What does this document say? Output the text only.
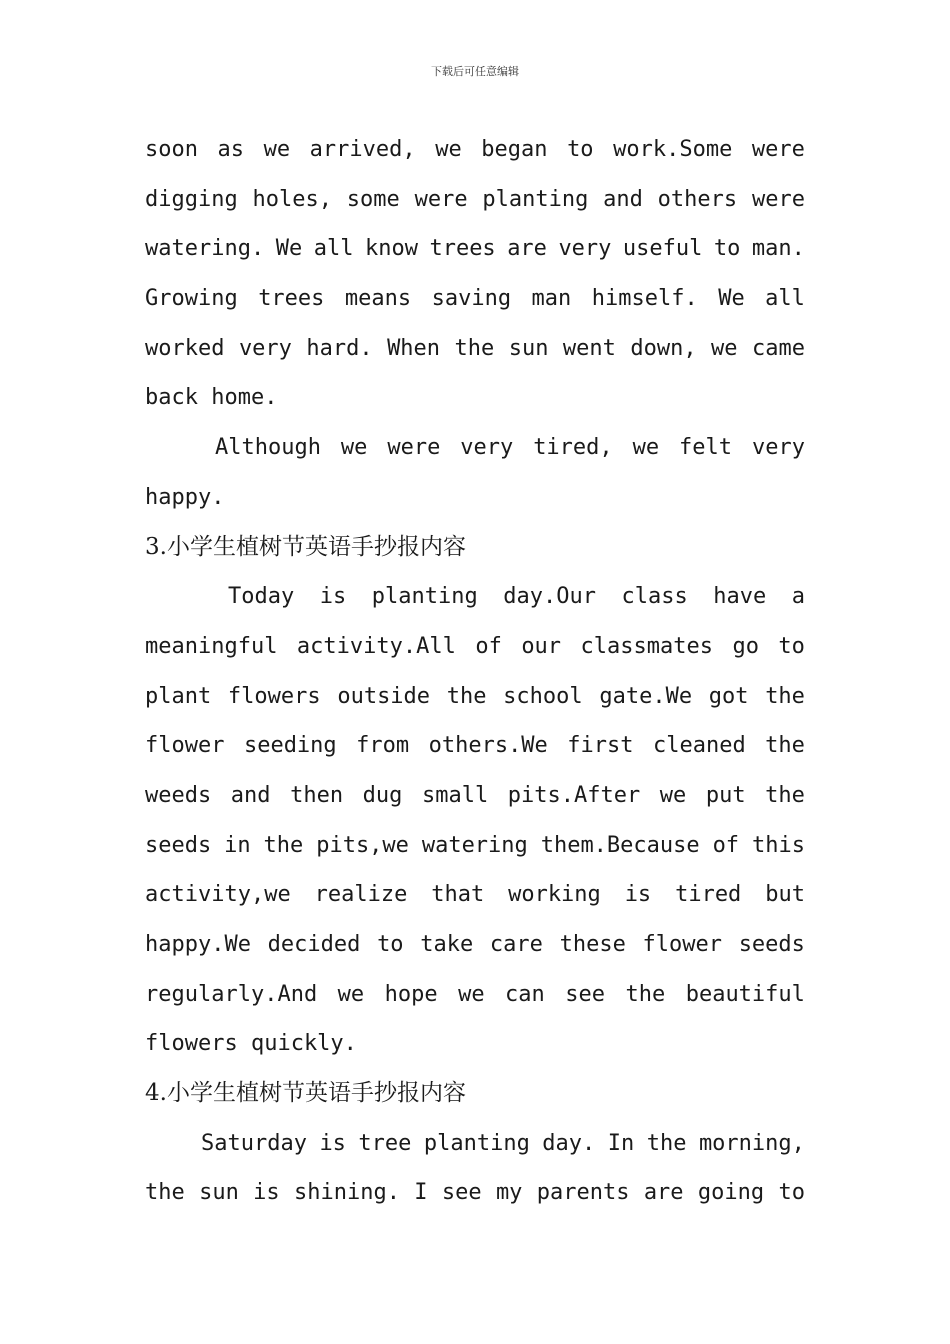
下载后可任意编辑
soon as we arrived, we began to work.Some were
digging holes, some were planting and others were
watering. We all know trees are very useful to man.
Growing trees means saving man himself. We all
worked very hard. When the sun went down, we came
back home.
Although we were very tired, we felt very
happy.
3.小学生植树节英语手抄报内容
Today is planting day.Our class have a
meaningful activity.All of our classmates go to
plant flowers outside the school gate.We got the
flower seeding from others.We first cleaned the
weeds and then dug small pits.After we put the
seeds in the pits,we watering them.Because of this
activity,we realize that working is tired but
happy.We decided to take care these flower seeds
regularly.And we hope we can see the beautiful
flowers quickly.
4.小学生植树节英语手抄报内容
Saturday is tree planting day. In the morning,
the sun is shining. I see my parents are going to
